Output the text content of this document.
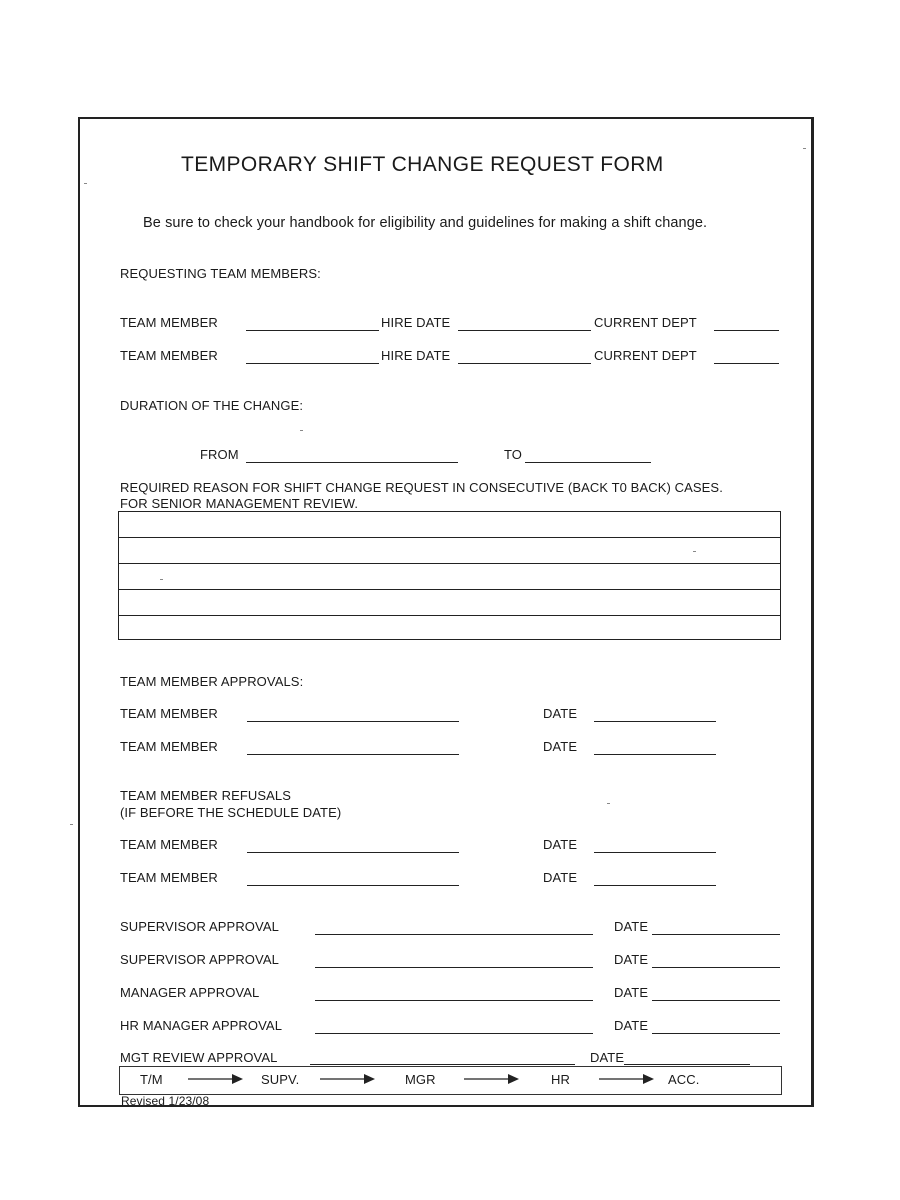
TEMPORARY SHIFT CHANGE REQUEST FORM
Be sure to check your handbook for eligibility and guidelines for making a shift change.
REQUESTING TEAM MEMBERS:
TEAM MEMBER	HIRE DATE	CURRENT DEPT
TEAM MEMBER	HIRE DATE	CURRENT DEPT
DURATION OF THE CHANGE:
FROM	TO
REQUIRED REASON FOR SHIFT CHANGE REQUEST IN CONSECUTIVE (BACK T0 BACK) CASES.
FOR SENIOR MANAGEMENT REVIEW.
TEAM MEMBER APPROVALS:
TEAM MEMBER	DATE
TEAM MEMBER	DATE
TEAM MEMBER REFUSALS
(IF BEFORE THE SCHEDULE DATE)
TEAM MEMBER	DATE
TEAM MEMBER	DATE
SUPERVISOR APPROVAL	DATE
SUPERVISOR APPROVAL	DATE
MANAGER APPROVAL	DATE
HR MANAGER APPROVAL	DATE
MGT REVIEW APPROVAL	DATE
T/M	SUPV.	MGR	HR	ACC.
Revised 1/23/08
